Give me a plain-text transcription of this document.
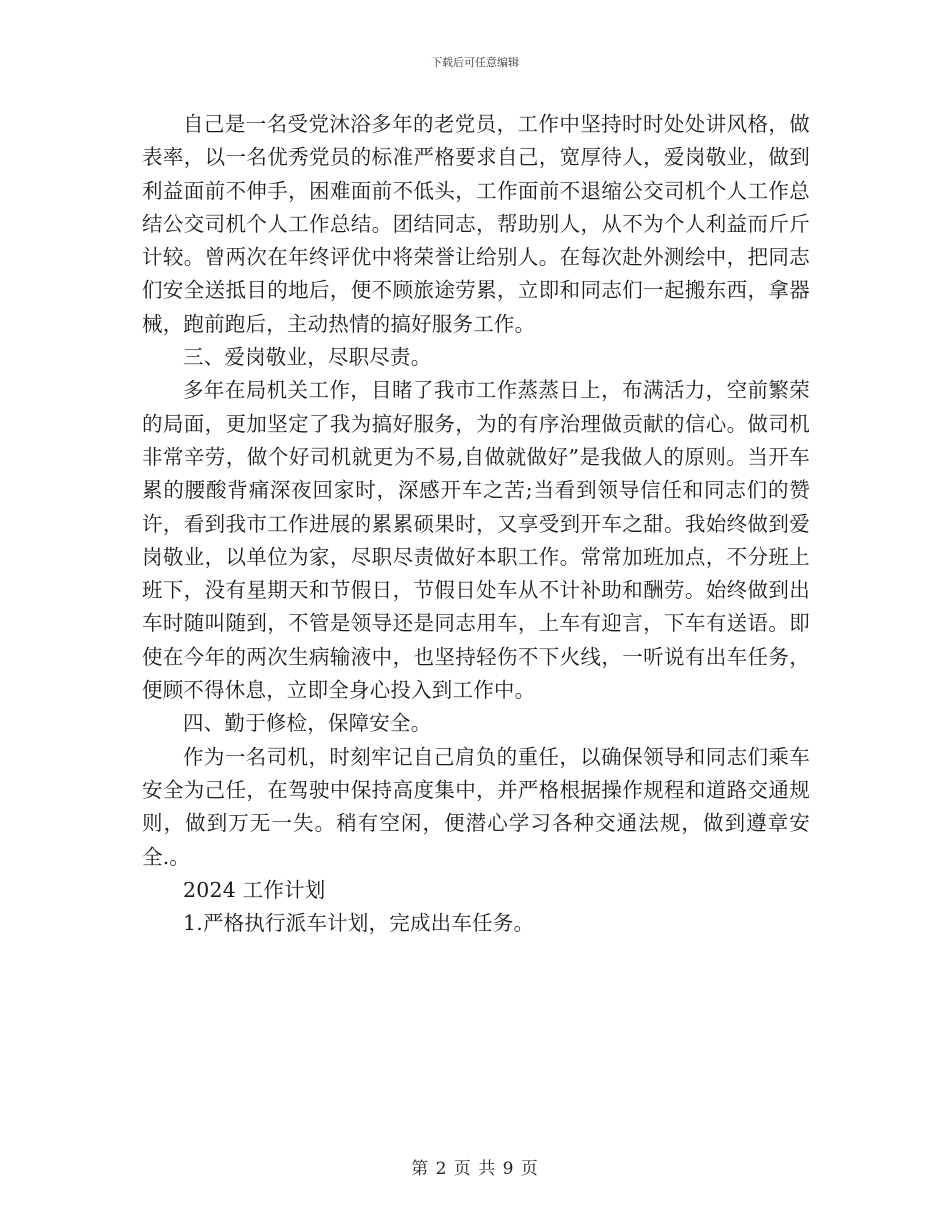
下载后可任意编辑

自己是一名受党沐浴多年的老党员，工作中坚持时时处处讲风格，做表率，以一名优秀党员的标准严格要求自己，宽厚待人，爱岗敬业，做到利益面前不伸手，困难面前不低头，工作面前不退缩公交司机个人工作总结公交司机个人工作总结。团结同志，帮助别人，从不为个人利益而斤斤计较。曾两次在年终评优中将荣誉让给别人。在每次赴外测绘中，把同志们安全送抵目的地后，便不顾旅途劳累，立即和同志们一起搬东西，拿器械，跑前跑后，主动热情的搞好服务工作。

三、爱岗敬业，尽职尽责。

多年在局机关工作，目睹了我市工作蒸蒸日上，布满活力，空前繁荣的局面，更加坚定了我为搞好服务，为的有序治理做贡献的信心。做司机非常辛劳，做个好司机就更为不易,自做就做好”是我做人的原则。当开车累的腰酸背痛深夜回家时，深感开车之苦;当看到领导信任和同志们的赞许，看到我市工作进展的累累硕果时，又享受到开车之甜。我始终做到爱岗敬业，以单位为家，尽职尽责做好本职工作。常常加班加点，不分班上班下，没有星期天和节假日，节假日处车从不计补助和酬劳。始终做到出车时随叫随到，不管是领导还是同志用车，上车有迎言，下车有送语。即使在今年的两次生病输液中，也坚持轻伤不下火线，一听说有出车任务，便顾不得休息，立即全身心投入到工作中。

四、勤于修检，保障安全。

作为一名司机，时刻牢记自己肩负的重任，以确保领导和同志们乘车安全为己任，在驾驶中保持高度集中，并严格根据操作规程和道路交通规则，做到万无一失。稍有空闲，便潜心学习各种交通法规，做到遵章安全.。

2024 工作计划

1.严格执行派车计划，完成出车任务。

第 2 页 共 9 页
